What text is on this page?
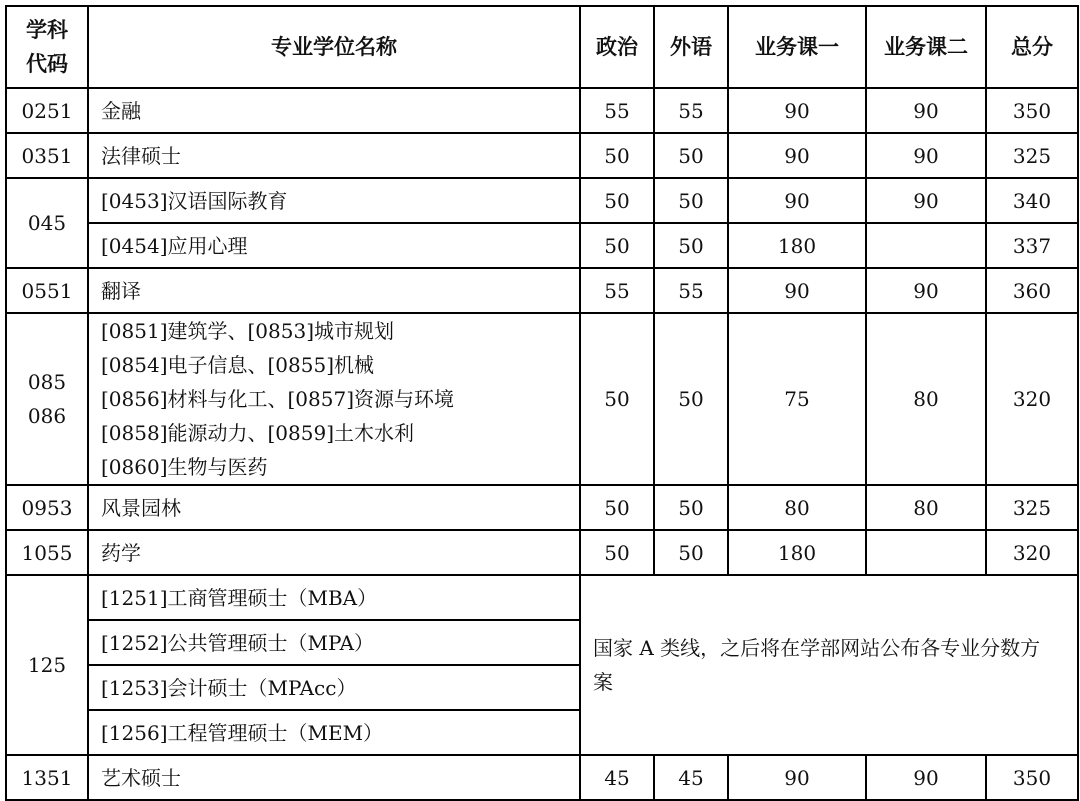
学科
代码	专业学位名称	政治	外语	业务课一	业务课二	总分
0251	金融	55	55	90	90	350
0351	法律硕士	50	50	90	90	325
045	[0453]汉语国际教育	50	50	90	90	340
	[0454]应用心理	50	50	180		337
0551	翻译	55	55	90	90	360

085
086	[0851]建筑学、[0853]城市规划
[0854]电子信息、[0855]机械
[0856]材料与化工、[0857]资源与环境
[0858]能源动力、[0859]土木水利
[0860]生物与医药	50	50	75	80	320
0953	风景园林	50	50	80	80	325
1055	药学	50	50	180		320
125	[1251]工商管理硕士（MBA）	国家 A 类线，之后将在学部网站公布各专业分数方案				
	[1252]公共管理硕士（MPA）					
	[1253]会计硕士（MPAcc）					
	[1256]工程管理硕士（MEM）					
1351	艺术硕士	45	45	90	90	350
